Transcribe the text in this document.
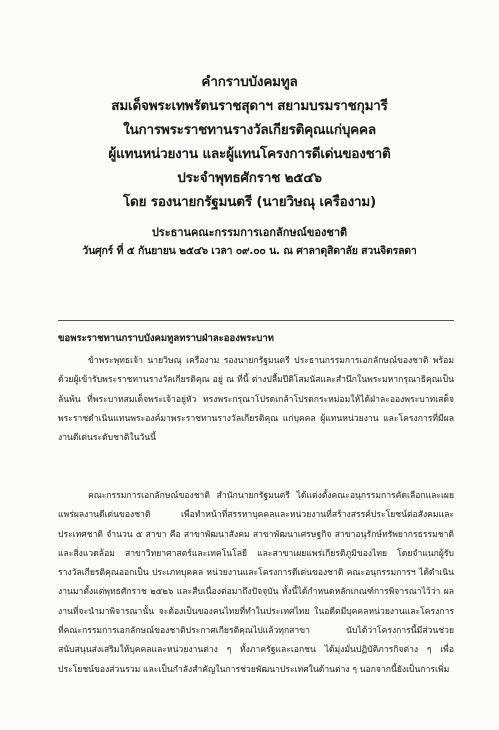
คำกราบบังคมทูล
สมเด็จพระเทพรัตนราชสุดาฯ สยามบรมราชกุมารี
ในการพระราชทานรางวัลเกียรติคุณแก่บุคคล
ผู้แทนหน่วยงาน และผู้แทนโครงการดีเด่นของชาติ
ประจำพุทธศักราช ๒๕๔๖
โดย รองนายกรัฐมนตรี (นายวิษณุ เครืองาม)
ประธานคณะกรรมการเอกลักษณ์ของชาติ
วันศุกร์ ที่ ๕ กันยายน ๒๕๔๖ เวลา ๐๙.๐๐ น. ณ ศาลาดุสิดาลัย สวนจิตรลดา
ขอพระราชทานกราบบังคมทูลทราบฝ่าละอองพระบาท

ข้าพระพุทธเจ้า นายวิษณุ เครืองาม รองนายกรัฐมนตรี ประธานกรรมการเอกลักษณ์ของชาติ พร้อมด้วยผู้เข้ารับพระราชทานรางวัลเกียรติคุณ อยู่ ณ ที่นี้ ต่างปลื้มปีติโสมนัสและสำนึกในพระมหากรุณาธิคุณเป็นล้นพ้น ที่พระบาทสมเด็จพระเจ้าอยู่หัว ทรงพระกรุณาโปรดเกล้าโปรดกระหม่อมให้ได้ฝ่าละอองพระบาทเสด็จพระราชดำเนินแทนพระองค์มาพระราชทานรางวัลเกียรติคุณ แก่บุคคล ผู้แทนหน่วยงาน และโครงการที่มีผลงานดีเด่นระดับชาติในวันนี้

คณะกรรมการเอกลักษณ์ของชาติ สำนักนายกรัฐมนตรี ได้แต่งตั้งคณะอนุกรรมการคัดเลือกและเผยแพร่ผลงานดีเด่นของชาติ เพื่อทำหน้าที่สรรหาบุคคลและหน่วยงานที่สร้างสรรค์ประโยชน์ต่อสังคมและประเทศชาติ จำนวน ๕ สาขา คือ สาขาพัฒนาสังคม สาขาพัฒนาเศรษฐกิจ สาขาอนุรักษ์ทรัพยากรธรรมชาติและสิ่งแวดล้อม สาขาวิทยาศาสตร์และเทคโนโลยี และสาขาเผยแพร่เกียรติภูมิของไทย โดยจำแนกผู้รับรางวัลเกียรติคุณออกเป็น ประเภทบุคคล หน่วยงานและโครงการดีเด่นของชาติ คณะอนุกรรมการฯ ได้ดำเนินงานมาตั้งแต่พุทธศักราช ๒๕๒๖ และสืบเนื่องต่อมาถึงปัจจุบัน ทั้งนี้ได้กำหนดหลักเกณฑ์การพิจารณาไว้ว่า ผลงานที่จะนำมาพิจารณานั้น จะต้องเป็นของคนไทยที่ทำในประเทศไทย ในอดีตมีบุคคลหน่วยงานและโครงการที่คณะกรรมการเอกลักษณ์ของชาติประกาศเกียรติคุณไปแล้วทุกสาขา นับได้ว่าโครงการนี้มีส่วนช่วยสนับสนุนส่งเสริมให้บุคคลและหน่วยงานต่าง ๆ ทั้งภาครัฐและเอกชน ได้มุ่งมั่นปฏิบัติภารกิจต่าง ๆ เพื่อประโยชน์ของส่วนรวม และเป็นกำลังสำคัญในการช่วยพัฒนาประเทศในด้านต่าง ๆ นอกจากนี้ยังเป็นการเพิ่ม
